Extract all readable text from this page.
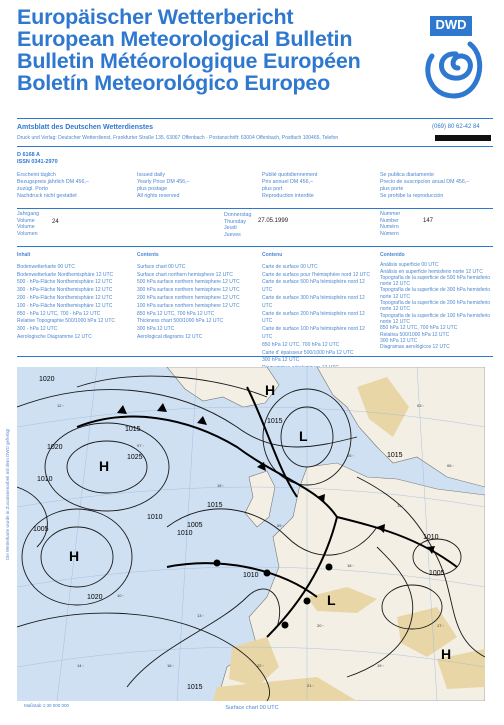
Europäischer Wetterbericht
European Meteorological Bulletin
Bulletin Météorologique Européen
Boletín Meteorológico Europeo
DWD
Amtsblatt des Deutschen Wetterdienstes
Druck und Verlag: Deutscher Wetterdienst, Frankfurter Straße 135, 63067 Offenbach · Postanschrift: 63004 Offenbach, Postfach 100465, Telefon
(069) 80 62-42 84
D 6168 A
ISSN 0341-2970
Erscheint täglich
Bezugspreis jährlich DM 456,–
zuzügl. Porto
Nachdruck nicht gestattet
Issued daily
Yearly Price DM 456,–
plus postage
All rights reserved
Publié quotidiennement
Prix annuel DM 456,–
plus port
Reproduction interdite
Se publica diariamente
Precio de suscripcion anual DM 456,–
plus porte
Se prohibe la reproducción
Jahrgang
Volume
Volume
Volumen
24
Donnerstag
Thursday
Jeudi
Jueves
27.05.1999
Nummer
Number
Numéro
Número
147
Inhalt
Bodenwetterkarte 00 UTC
Bodenwetterkarte Nordhemisphäre 12 UTC
500 - hPa-Fläche Nordhemisphäre 12 UTC
300 - hPa-Fläche Nordhemisphäre 12 UTC
200 - hPa-Fläche Nordhemisphäre 12 UTC
100 - hPa-Fläche Nordhemisphäre 12 UTC
850 - hPa 12 UTC, 700 - hPa 12 UTC
Relative Topographie 500/1000 hPa 12 UTC
300 - hPa 12 UTC
Aerologische Diagramme 12 UTC
Contents
Surface chart 00 UTC
Surface chart northern hemisphere 12 UTC
500 hPa surface northern hemisphere 12 UTC
300 hPa surface northern hemisphere 12 UTC
200 hPa surface northern hemisphere 12 UTC
100 hPa surface northern hemisphere 12 UTC
850 hPa 12 UTC, 700 hPa 12 UTC
Thickness chart 500/1000 hPa 12 UTC
300 hPa 12 UTC
Aerological diagrams 12 UTC
Contenu
Carte de surface 00 UTC
Carte de surface pour l'hémisphère nord 12 UTC
Carte de surface 500 hPa hémisphère nord 12 UTC
Carte de surface 300 hPa hémisphère nord 12 UTC
Carte de surface 200 hPa hémisphère nord 12 UTC
Carte de surface 100 hPa hémisphère nord 12 UTC
850 hPa 12 UTC, 700 hPa 12 UTC
Carte d' épaisseur 500/1000 hPa 12 UTC
300 hPa 12 UTC
Contenido
Análisis superficie 00 UTC
Análisis en superficie hemisferio norte 12 UTC
Topografía de la superficie de 500 hPa hemisferio norte 12 UTC
Topografía de la superficie de 300 hPa hemisferio norte 12 UTC
Topografía de la superficie de 200 hPa hemisferio norte 12 UTC
Topografía de la superficie de 100 hPa hemisferio norte 12 UTC
850 hPa 12 UTC, 700 hPa 12 UTC
Relativa 500/1000 hPa 12 UTC
300 hPa 12 UTC
Diagramas aerológicos 12 UTC
12 ◦
07 ◦
15 ◦
09 ◦
18 ◦
11 ◦
06 ◦
20 ◦
19 ◦
22 ◦
17 ◦
13 ◦
10 ◦
14 ◦
05 ◦
03 ◦
16 ◦
21 ◦
1020
1015
1010
1005
1020
1025
1015
1010
1005
1010
1015
1015
1020
1010
1005
1010
1015
H
H
L
H
L
H
Die Wetterkarte wurde in Zusammenarbeit mit dem DWD gefertigt
Maßstab 1:30 000 000	Surface chart 00 UTC
